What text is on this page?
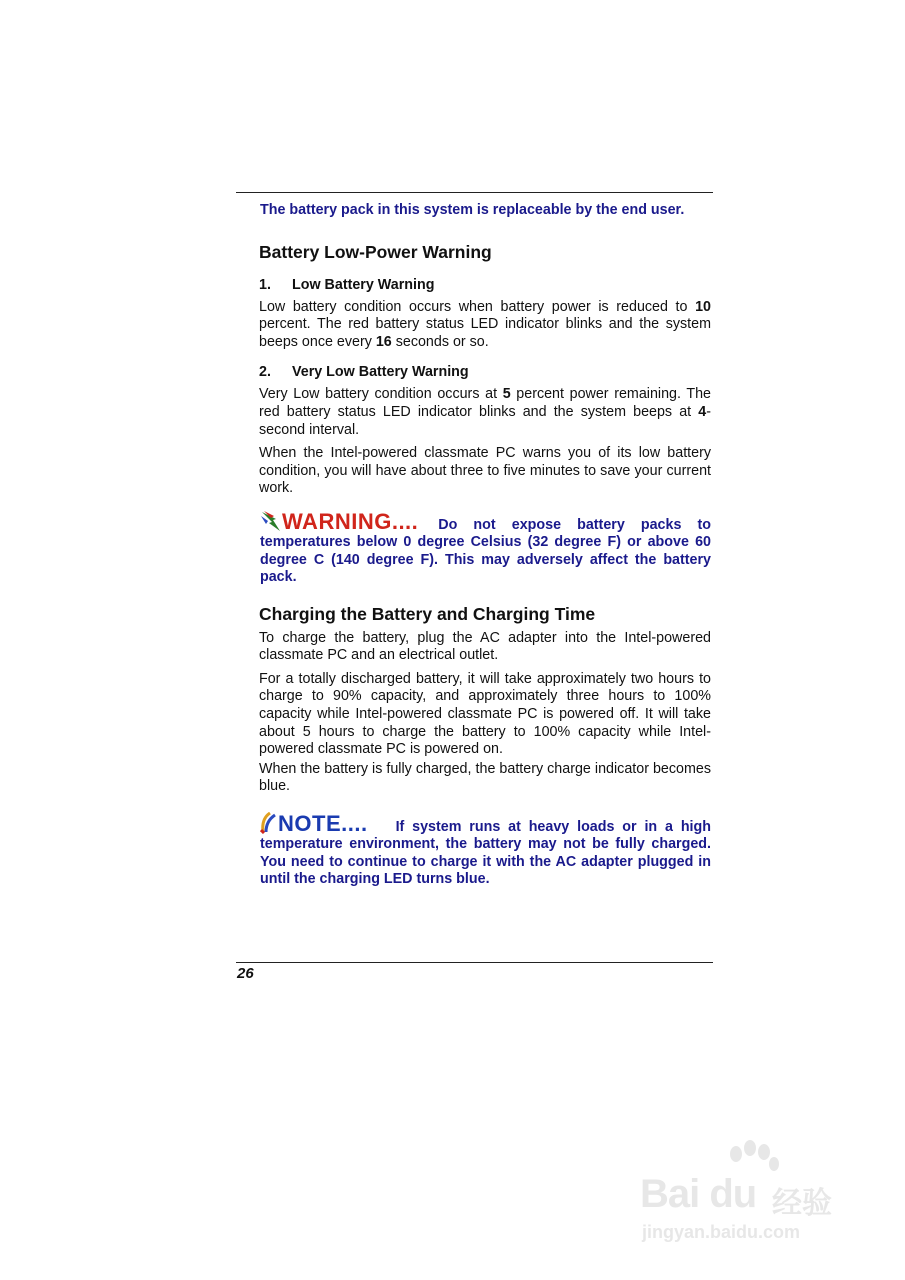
The battery pack in this system is replaceable by the end user.
Battery Low-Power Warning
1.	Low Battery Warning

Low battery condition occurs when battery power is reduced to 10 percent. The red battery status LED indicator blinks and the system beeps once every 16 seconds or so.

2.	Very Low Battery Warning

Very Low battery condition occurs at 5 percent power remaining. The red battery status LED indicator blinks and the system beeps at 4-second interval.

When the Intel-powered classmate PC warns you of its low battery condition, you will have about three to five minutes to save your current work.

WARNING.... Do not expose battery packs to temperatures below 0 degree Celsius (32 degree F) or above 60 degree C (140 degree F). This may adversely affect the battery pack.
Charging the Battery and Charging Time

To charge the battery, plug the AC adapter into the Intel-powered classmate PC and an electrical outlet.

For a totally discharged battery, it will take approximately two hours to charge to 90% capacity, and approximately three hours to 100% capacity while Intel-powered classmate PC is powered off. It will take about 5 hours to charge the battery to 100% capacity while Intel-powered classmate PC is powered on.

When the battery is fully charged, the battery charge indicator becomes blue.

NOTE.... If system runs at heavy loads or in a high temperature environment, the battery may not be fully charged. You need to continue to charge it with the AC adapter plugged in until the charging LED turns blue.
26
Bai du 经验
jingyan.baidu.com
